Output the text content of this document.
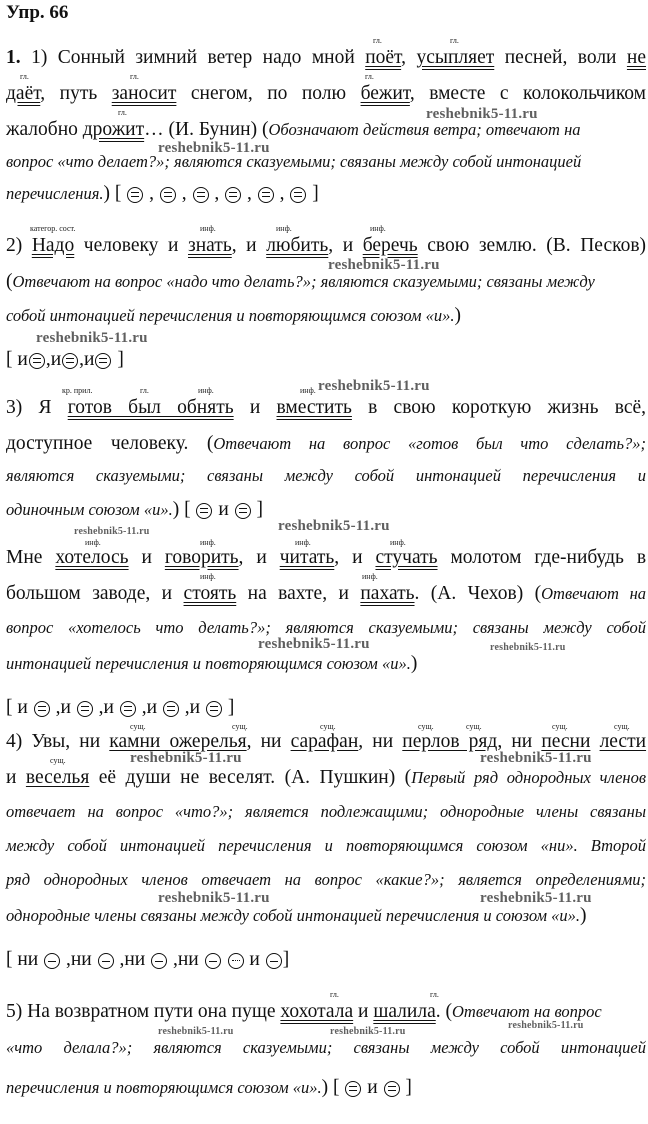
Упр. 66
гл.	гл.
1. 1) Сонный зимний ветер надо мной поёт, усыпляет песней, воли не
гл.	гл.	гл.
даёт, путь заносит снегом, по полю бежит, вместе с колокольчиком
reshebnik5-11.ru
гл.
жалобно дрожит… (И. Бунин) (Обозначают действия ветра; отвечают на
reshebnik5-11.ru
вопрос «что делает?»; являются сказуемыми; связаны между собой интонацией
перечисления.) [ , , , , , ]
категор. сост.	инф.	инф.	инф.
2) Надо человеку и знать, и любить, и беречь свою землю. (В. Песков)
reshebnik5-11.ru
(Отвечают на вопрос «надо что делать?»; являются сказуемыми; связаны между
собой интонацией перечисления и повторяющимся союзом «и».)
reshebnik5-11.ru
[ и ,и ,и ]
кр. прил.	гл.	инф.	инф. reshebnik5-11.ru
3) Я готов был обнять и вместить в свою короткую жизнь всё,
доступное человеку. (Отвечают на вопрос «готов был что сделать?»;
являются сказуемыми; связаны между собой интонацией перечисления и
одиночным союзом «и».) [  и  ]
reshebnik5-11.ru	reshebnik5-11.ru
инф.	инф.	инф.	инф.
Мне хотелось и говорить, и читать, и стучать молотом где-нибудь в
инф.	инф.
большом заводе, и стоять на вахте, и пахать. (А. Чехов) (Отвечают на
вопрос «хотелось что делать?»; являются сказуемыми; связаны между собой
reshebnik5-11.ru	reshebnik5-11.ru
интонацией перечисления и повторяющимся союзом «и».)
[ и ,и ,и ,и ,и ]
сущ.	сущ.	сущ.	сущ.	сущ.	сущ.	сущ.
4) Увы, ни камни ожерелья, ни сарафан, ни перлов ряд, ни песни лести
сущ.	reshebnik5-11.ru	reshebnik5-11.ru
и веселья её души не веселят. (А. Пушкин) (Первый ряд однородных членов
отвечает на вопрос «что?»; является подлежащими; однородные члены связаны
между собой интонацией перечисления и повторяющимся союзом «ни». Второй
ряд однородных членов отвечает на вопрос «какие?»; является определениями;
reshebnik5-11.ru	reshebnik5-11.ru
однородные члены связаны между собой интонацией перечисления и союзом «и».)
[ ни ,ни ,ни ,ни	и ]
гл.	гл.
5) На возвратном пути она пуще хохотала и шалила. (Отвечают на вопрос
reshebnik5-11.ru	reshebnik5-11.ru
reshebnik5-11.ru
«что делала?»; являются сказуемыми; связаны между собой интонацией
перечисления и повторяющимся союзом «и».) [  и  ]
